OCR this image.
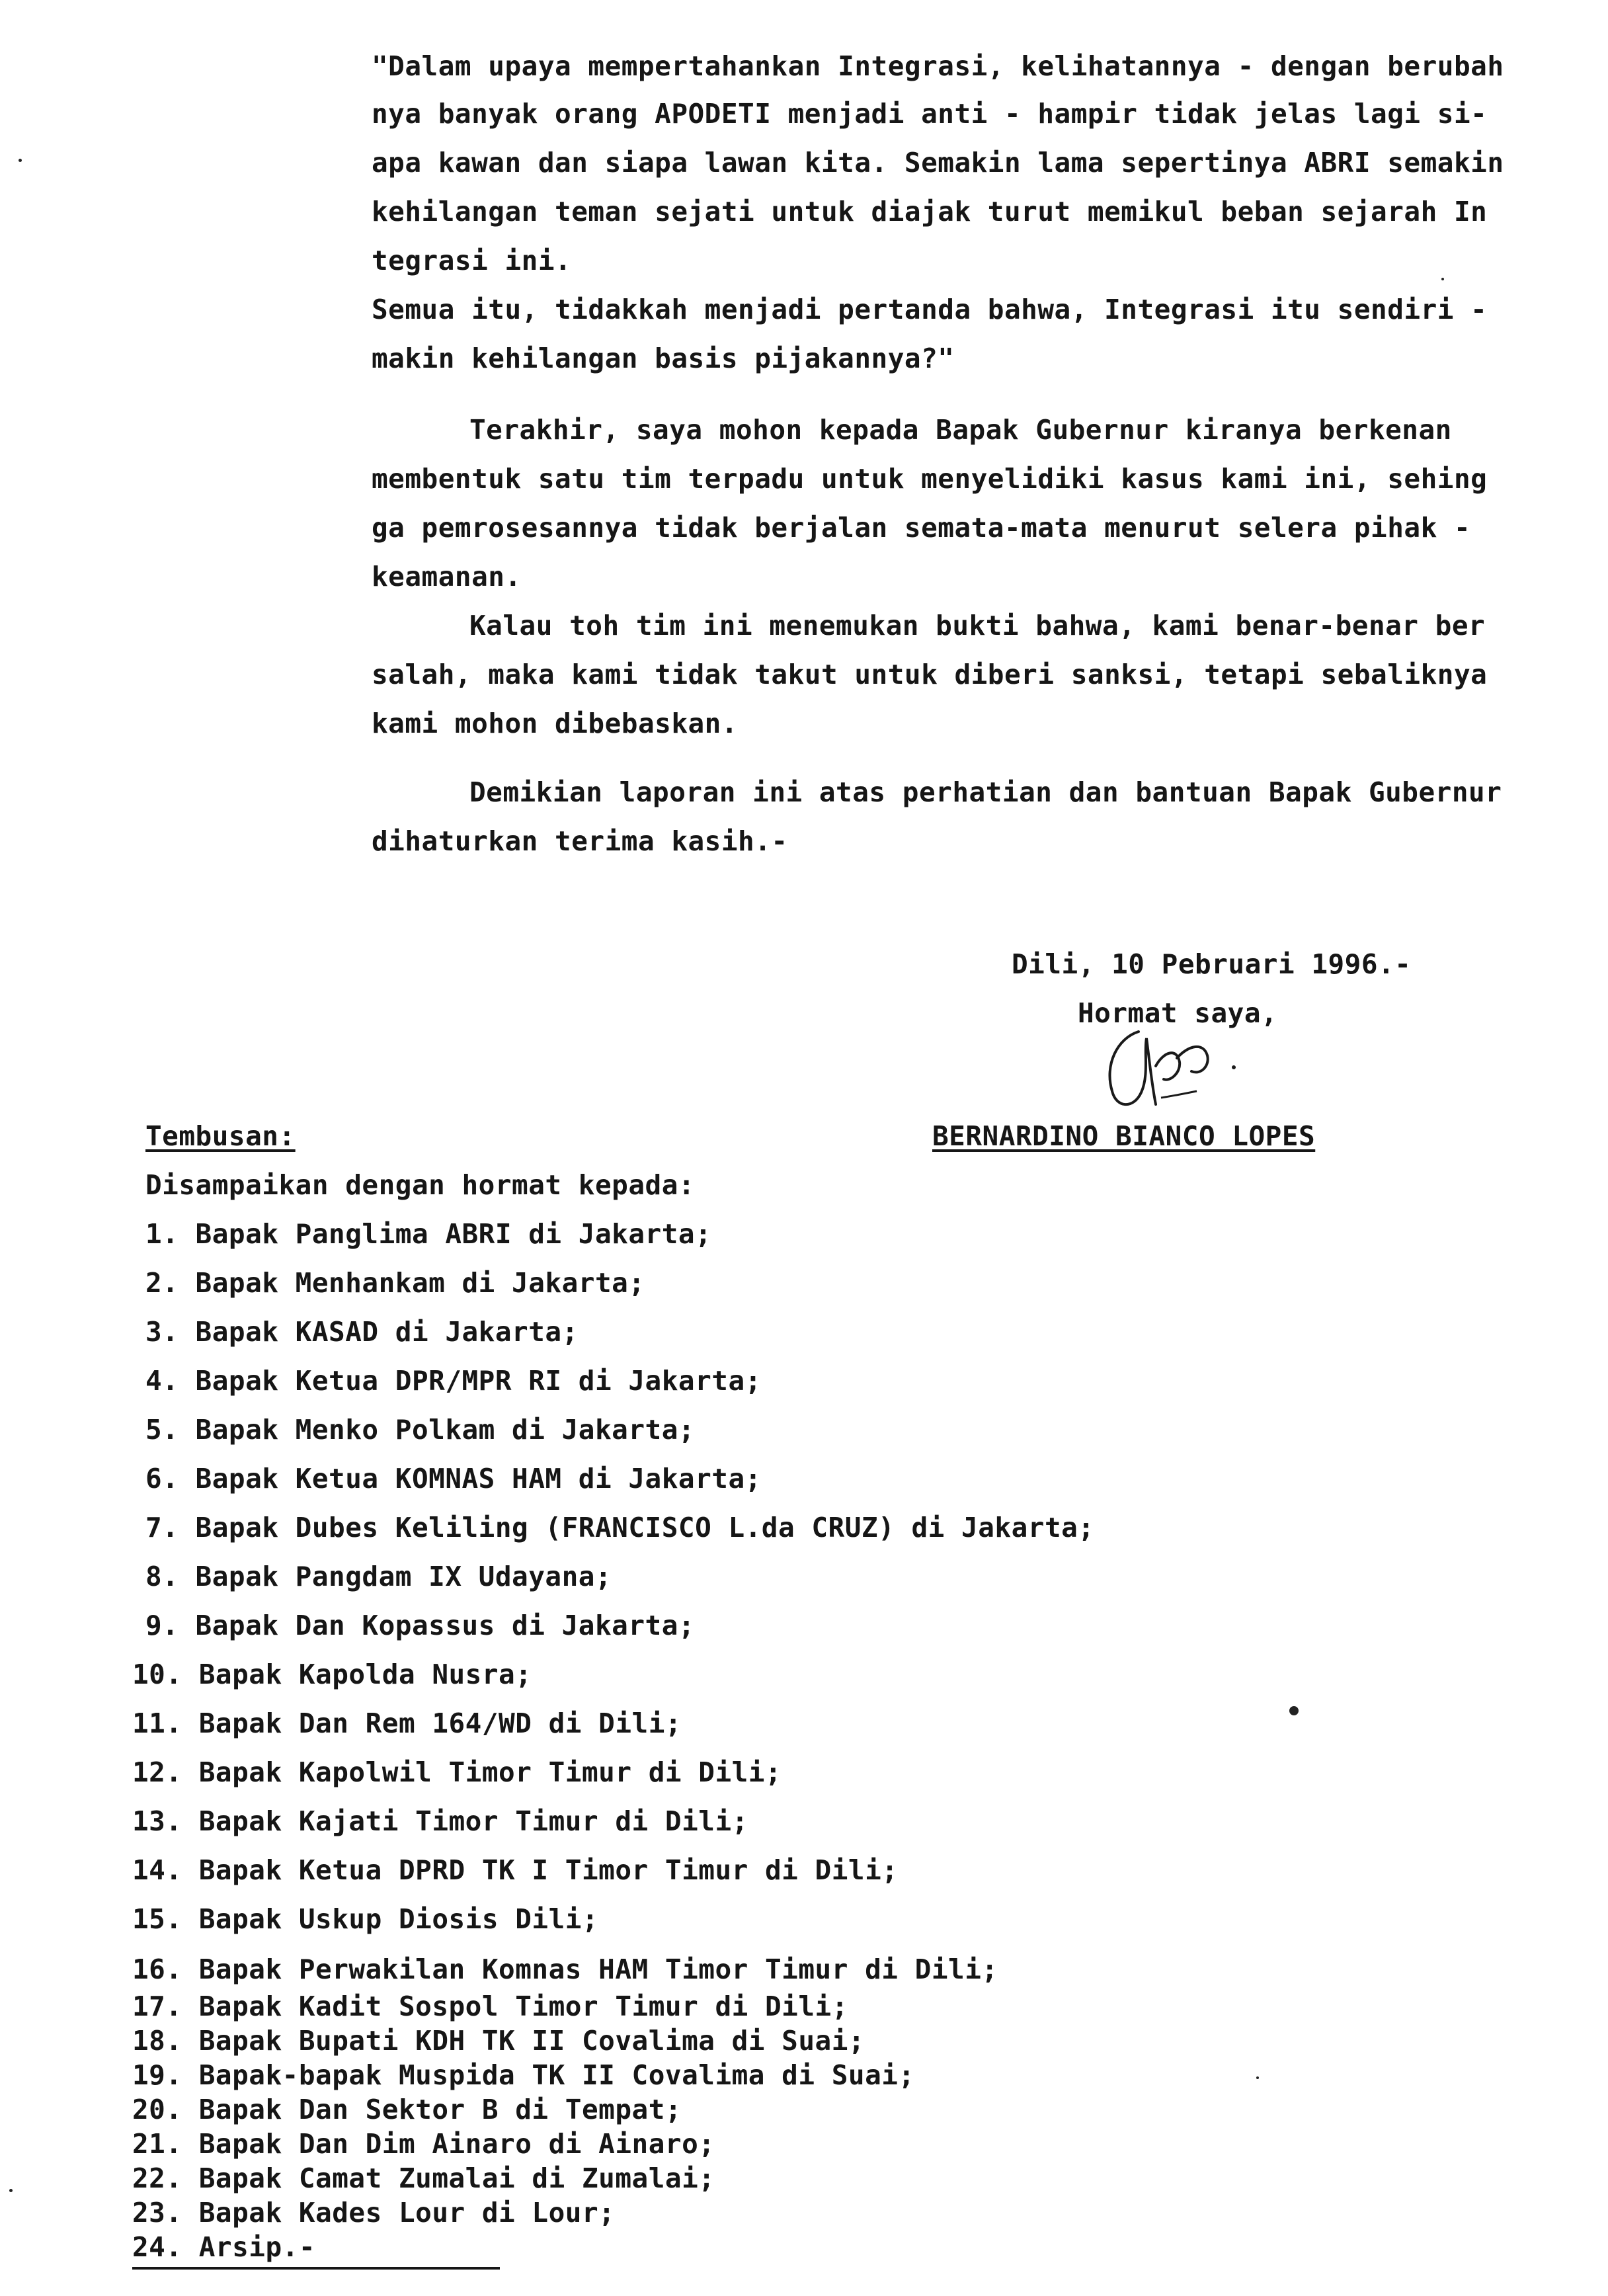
"Dalam upaya mempertahankan Integrasi, kelihatannya - dengan berubah
nya banyak orang APODETI menjadi anti - hampir tidak jelas lagi si-
apa kawan dan siapa lawan kita. Semakin lama sepertinya ABRI semakin
kehilangan teman sejati untuk diajak turut memikul beban sejarah In
tegrasi ini.
Semua itu, tidakkah menjadi pertanda bahwa, Integrasi itu sendiri -
makin kehilangan basis pijakannya?"
Terakhir, saya mohon kepada Bapak Gubernur kiranya berkenan
membentuk satu tim terpadu untuk menyelidiki kasus kami ini, sehing
ga pemrosesannya tidak berjalan semata-mata menurut selera pihak -
keamanan.
Kalau toh tim ini menemukan bukti bahwa, kami benar-benar ber
salah, maka kami tidak takut untuk diberi sanksi, tetapi sebaliknya
kami mohon dibebaskan.
Demikian laporan ini atas perhatian dan bantuan Bapak Gubernur
dihaturkan terima kasih.-
Dili, 10 Pebruari 1996.-
Hormat saya,
BERNARDINO BIANCO LOPES
Tembusan:
Disampaikan dengan hormat kepada:
1. Bapak Panglima ABRI di Jakarta;
2. Bapak Menhankam di Jakarta;
3. Bapak KASAD di Jakarta;
4. Bapak Ketua DPR/MPR RI di Jakarta;
5. Bapak Menko Polkam di Jakarta;
6. Bapak Ketua KOMNAS HAM di Jakarta;
7. Bapak Dubes Keliling (FRANCISCO L.da CRUZ) di Jakarta;
8. Bapak Pangdam IX Udayana;
9. Bapak Dan Kopassus di Jakarta;
10. Bapak Kapolda Nusra;
11. Bapak Dan Rem 164/WD di Dili;
12. Bapak Kapolwil Timor Timur di Dili;
13. Bapak Kajati Timor Timur di Dili;
14. Bapak Ketua DPRD TK I Timor Timur di Dili;
15. Bapak Uskup Diosis Dili;
16. Bapak Perwakilan Komnas HAM Timor Timur di Dili;
17. Bapak Kadit Sospol Timor Timur di Dili;
18. Bapak Bupati KDH TK II Covalima di Suai;
19. Bapak-bapak Muspida TK II Covalima di Suai;
20. Bapak Dan Sektor B di Tempat;
21. Bapak Dan Dim Ainaro di Ainaro;
22. Bapak Camat Zumalai di Zumalai;
23. Bapak Kades Lour di Lour;
24. Arsip.-
